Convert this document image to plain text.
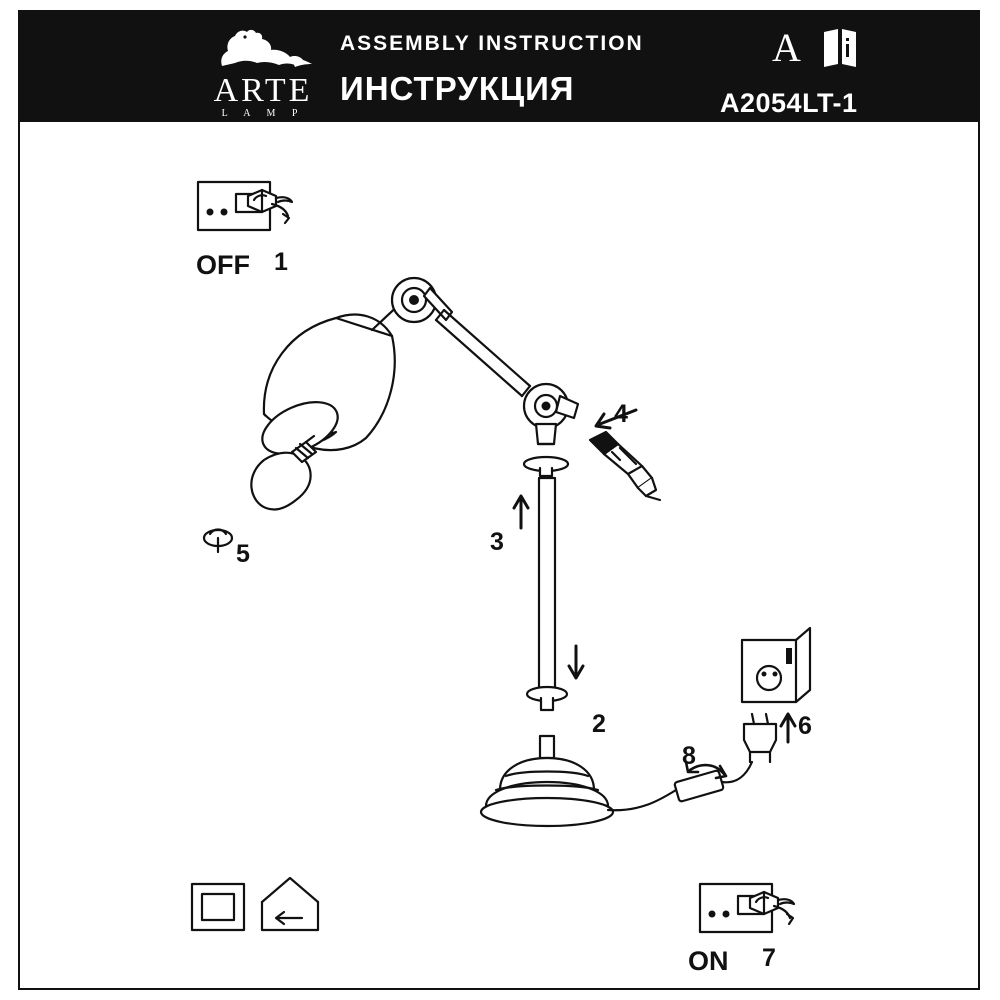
ARTE
L A M P
ASSEMBLY INSTRUCTION
ИНСТРУКЦИЯ
A
A2054LT-1
OFF 1
3
2
4
5
6
8
ON 7
